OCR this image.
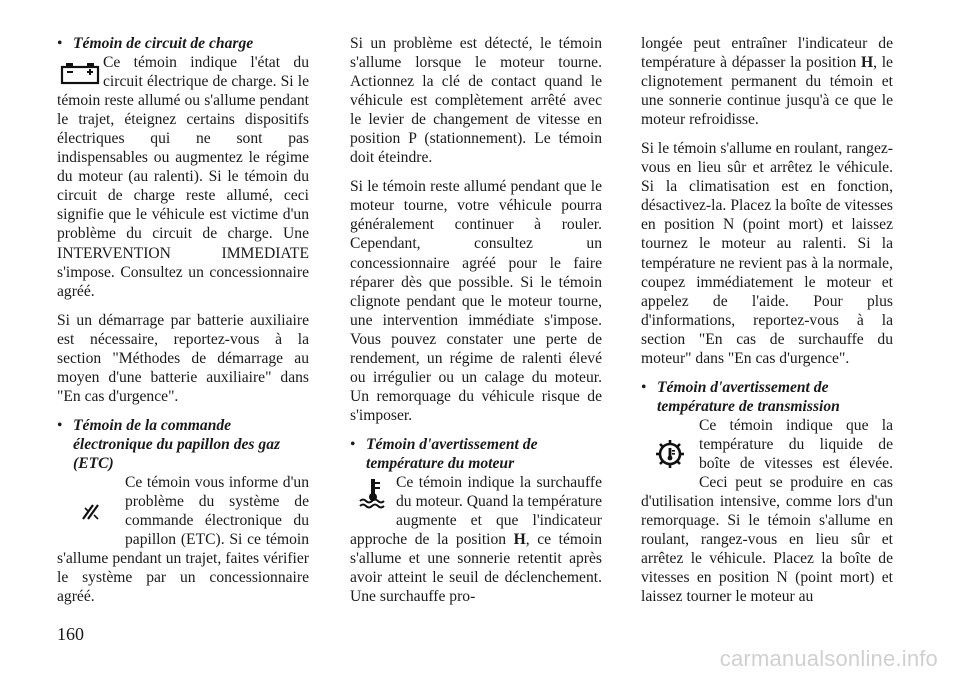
• Témoin de circuit de charge

Ce témoin indique l'état du circuit électrique de charge. Si le témoin reste allumé ou s'allume pendant le trajet, éteignez certains dispositifs électriques qui ne sont pas indispensables ou augmentez le régime du moteur (au ralenti). Si le témoin du circuit de charge reste allumé, ceci signifie que le véhicule est victime d'un problème du circuit de charge. Une INTERVENTION IMMEDIATE s'impose. Consultez un concessionnaire agréé.

Si un démarrage par batterie auxiliaire est nécessaire, reportez-vous à la section "Méthodes de démarrage au moyen d'une batterie auxiliaire" dans "En cas d'urgence".

• Témoin de la commande électronique du papillon des gaz (ETC)

Ce témoin vous informe d'un problème du système de commande électronique du papillon (ETC). Si ce témoin s'allume pendant un trajet, faites vérifier le système par un concessionnaire agréé.

Si un problème est détecté, le témoin s'allume lorsque le moteur tourne. Actionnez la clé de contact quand le véhicule est complètement arrêté avec le levier de changement de vitesse en position P (stationnement). Le témoin doit éteindre.

Si le témoin reste allumé pendant que le moteur tourne, votre véhicule pourra généralement continuer à rouler. Cependant, consultez un concessionnaire agréé pour le faire réparer dès que possible. Si le témoin clignote pendant que le moteur tourne, une intervention immédiate s'impose. Vous pouvez constater une perte de rendement, un régime de ralenti élevé ou irrégulier ou un calage du moteur. Un remorquage du véhicule risque de s'imposer.

• Témoin d'avertissement de température du moteur

Ce témoin indique la surchauffe du moteur. Quand la température augmente et que l'indicateur approche de la position H, ce témoin s'allume et une sonnerie retentit après avoir atteint le seuil de déclenchement. Une surchauffe pro-

longée peut entraîner l'indicateur de température à dépasser la position H, le clignotement permanent du témoin et une sonnerie continue jusqu'à ce que le moteur refroidisse.

Si le témoin s'allume en roulant, rangez-vous en lieu sûr et arrêtez le véhicule. Si la climatisation est en fonction, désactivez-la. Placez la boîte de vitesses en position N (point mort) et laissez tournez le moteur au ralenti. Si la température ne revient pas à la normale, coupez immédiatement le moteur et appelez de l'aide. Pour plus d'informations, reportez-vous à la section "En cas de surchauffe du moteur" dans "En cas d'urgence".

• Témoin d'avertissement de température de transmission

Ce témoin indique que la température du liquide de boîte de vitesses est élevée. Ceci peut se produire en cas d'utilisation intensive, comme lors d'un remorquage. Si le témoin s'allume en roulant, rangez-vous en lieu sûr et arrêtez le véhicule. Placez la boîte de vitesses en position N (point mort) et laissez tourner le moteur au

160
carmanualsonline.info
